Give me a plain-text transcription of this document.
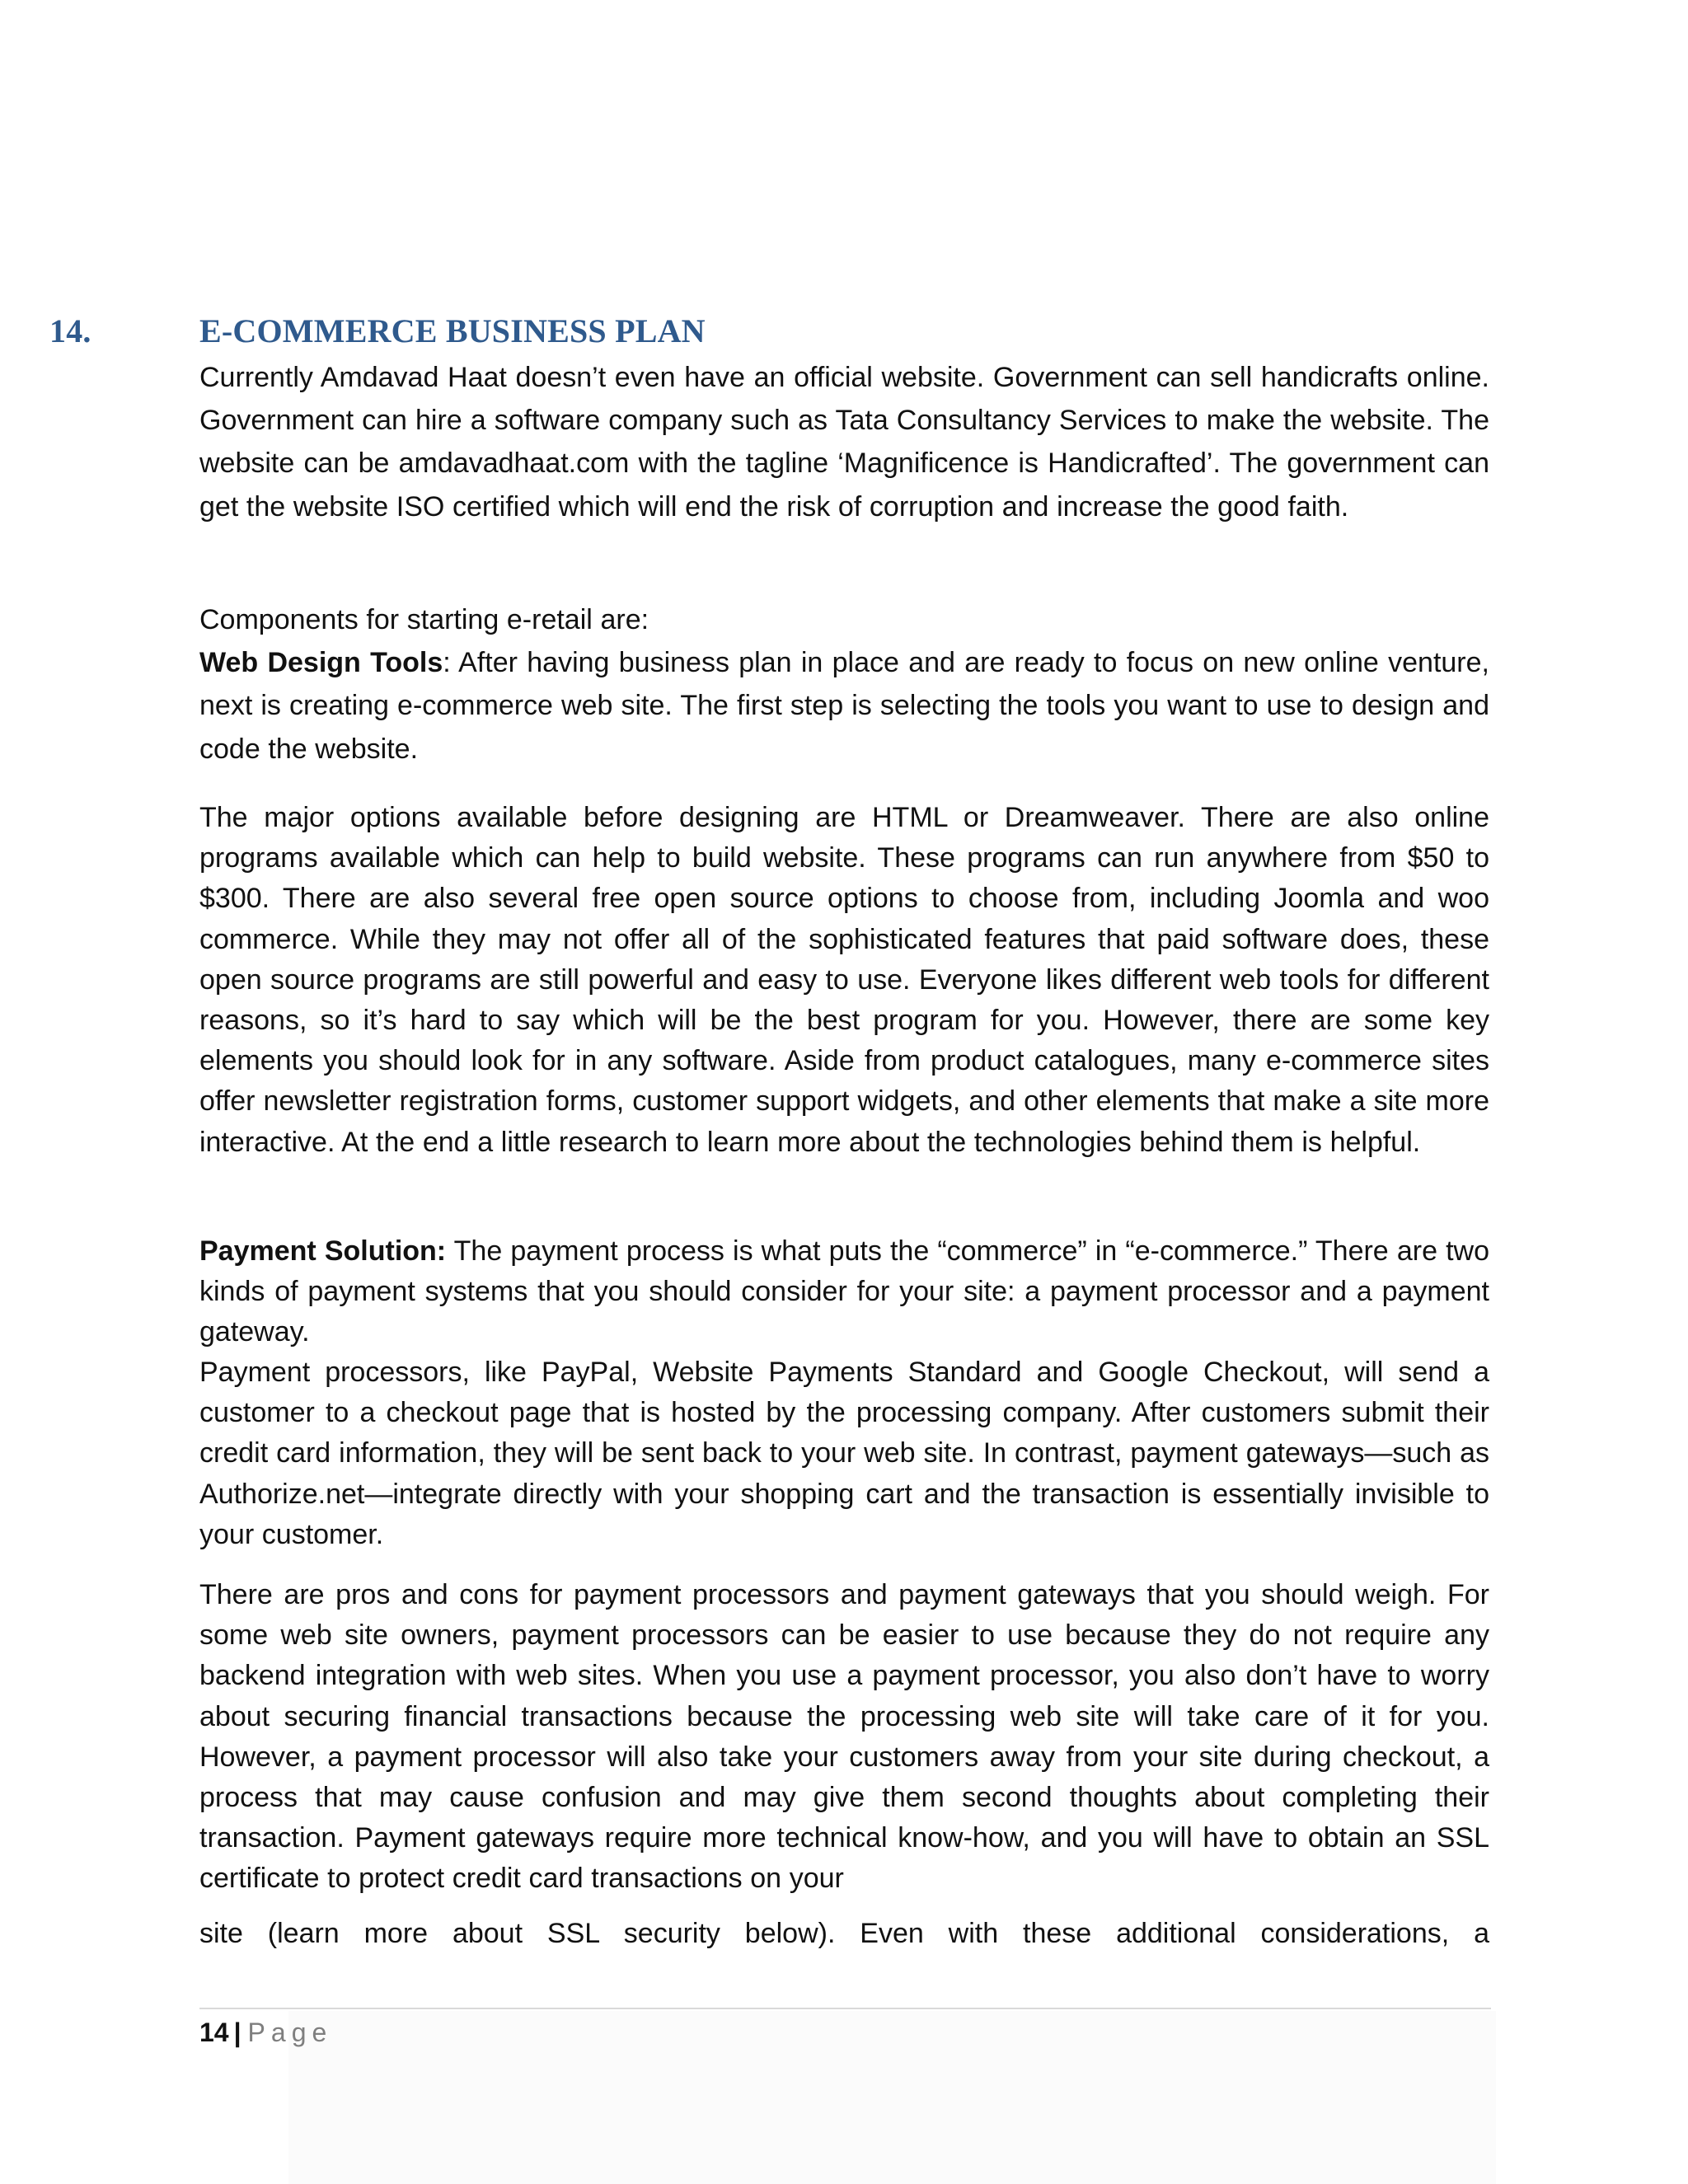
14.	E-COMMERCE BUSINESS PLAN

Currently Amdavad Haat doesn’t even have an official website. Government can sell handicrafts online. Government can hire a software company such as Tata Consultancy Services to make the website. The website can be amdavadhaat.com with the tagline ‘Magnificence is Handicrafted’. The government can get the website ISO certified which will end the risk of corruption and increase the good faith.

Components for starting e-retail are:
Web Design Tools: After having business plan in place and are ready to focus on new online venture, next is creating e-commerce web site. The first step is selecting the tools you want to use to design and code the website.

The major options available before designing are HTML or Dreamweaver. There are also online programs available which can help to build website. These programs can run anywhere from $50 to $300. There are also several free open source options to choose from, including Joomla and woo commerce. While they may not offer all of the sophisticated features that paid software does, these open source programs are still powerful and easy to use. Everyone likes different web tools for different reasons, so it’s hard to say which will be the best program for you. However, there are some key elements you should look for in any software. Aside from product catalogues, many e-commerce sites offer newsletter registration forms, customer support widgets, and other elements that make a site more interactive. At the end a little research to learn more about the technologies behind them is helpful.

Payment Solution: The payment process is what puts the “commerce” in “e-commerce.” There are two kinds of payment systems that you should consider for your site: a payment processor and a payment gateway.

Payment processors, like PayPal, Website Payments Standard and Google Checkout, will send a customer to a checkout page that is hosted by the processing company. After customers submit their credit card information, they will be sent back to your web site. In contrast, payment gateways—such as Authorize.net—integrate directly with your shopping cart and the transaction is essentially invisible to your customer.

There are pros and cons for payment processors and payment gateways that you should weigh. For some web site owners, payment processors can be easier to use because they do not require any backend integration with web sites. When you use a payment processor, you also don’t have to worry about securing financial transactions because the processing web site will take care of it for you. However, a payment processor will also take your customers away from your site during checkout, a process that may cause confusion and may give them second thoughts about completing their transaction. Payment gateways require more technical know-how, and you will have to obtain an SSL certificate to protect credit card transactions on your

site (learn more about SSL security below). Even with these additional considerations, a

14 | Page
